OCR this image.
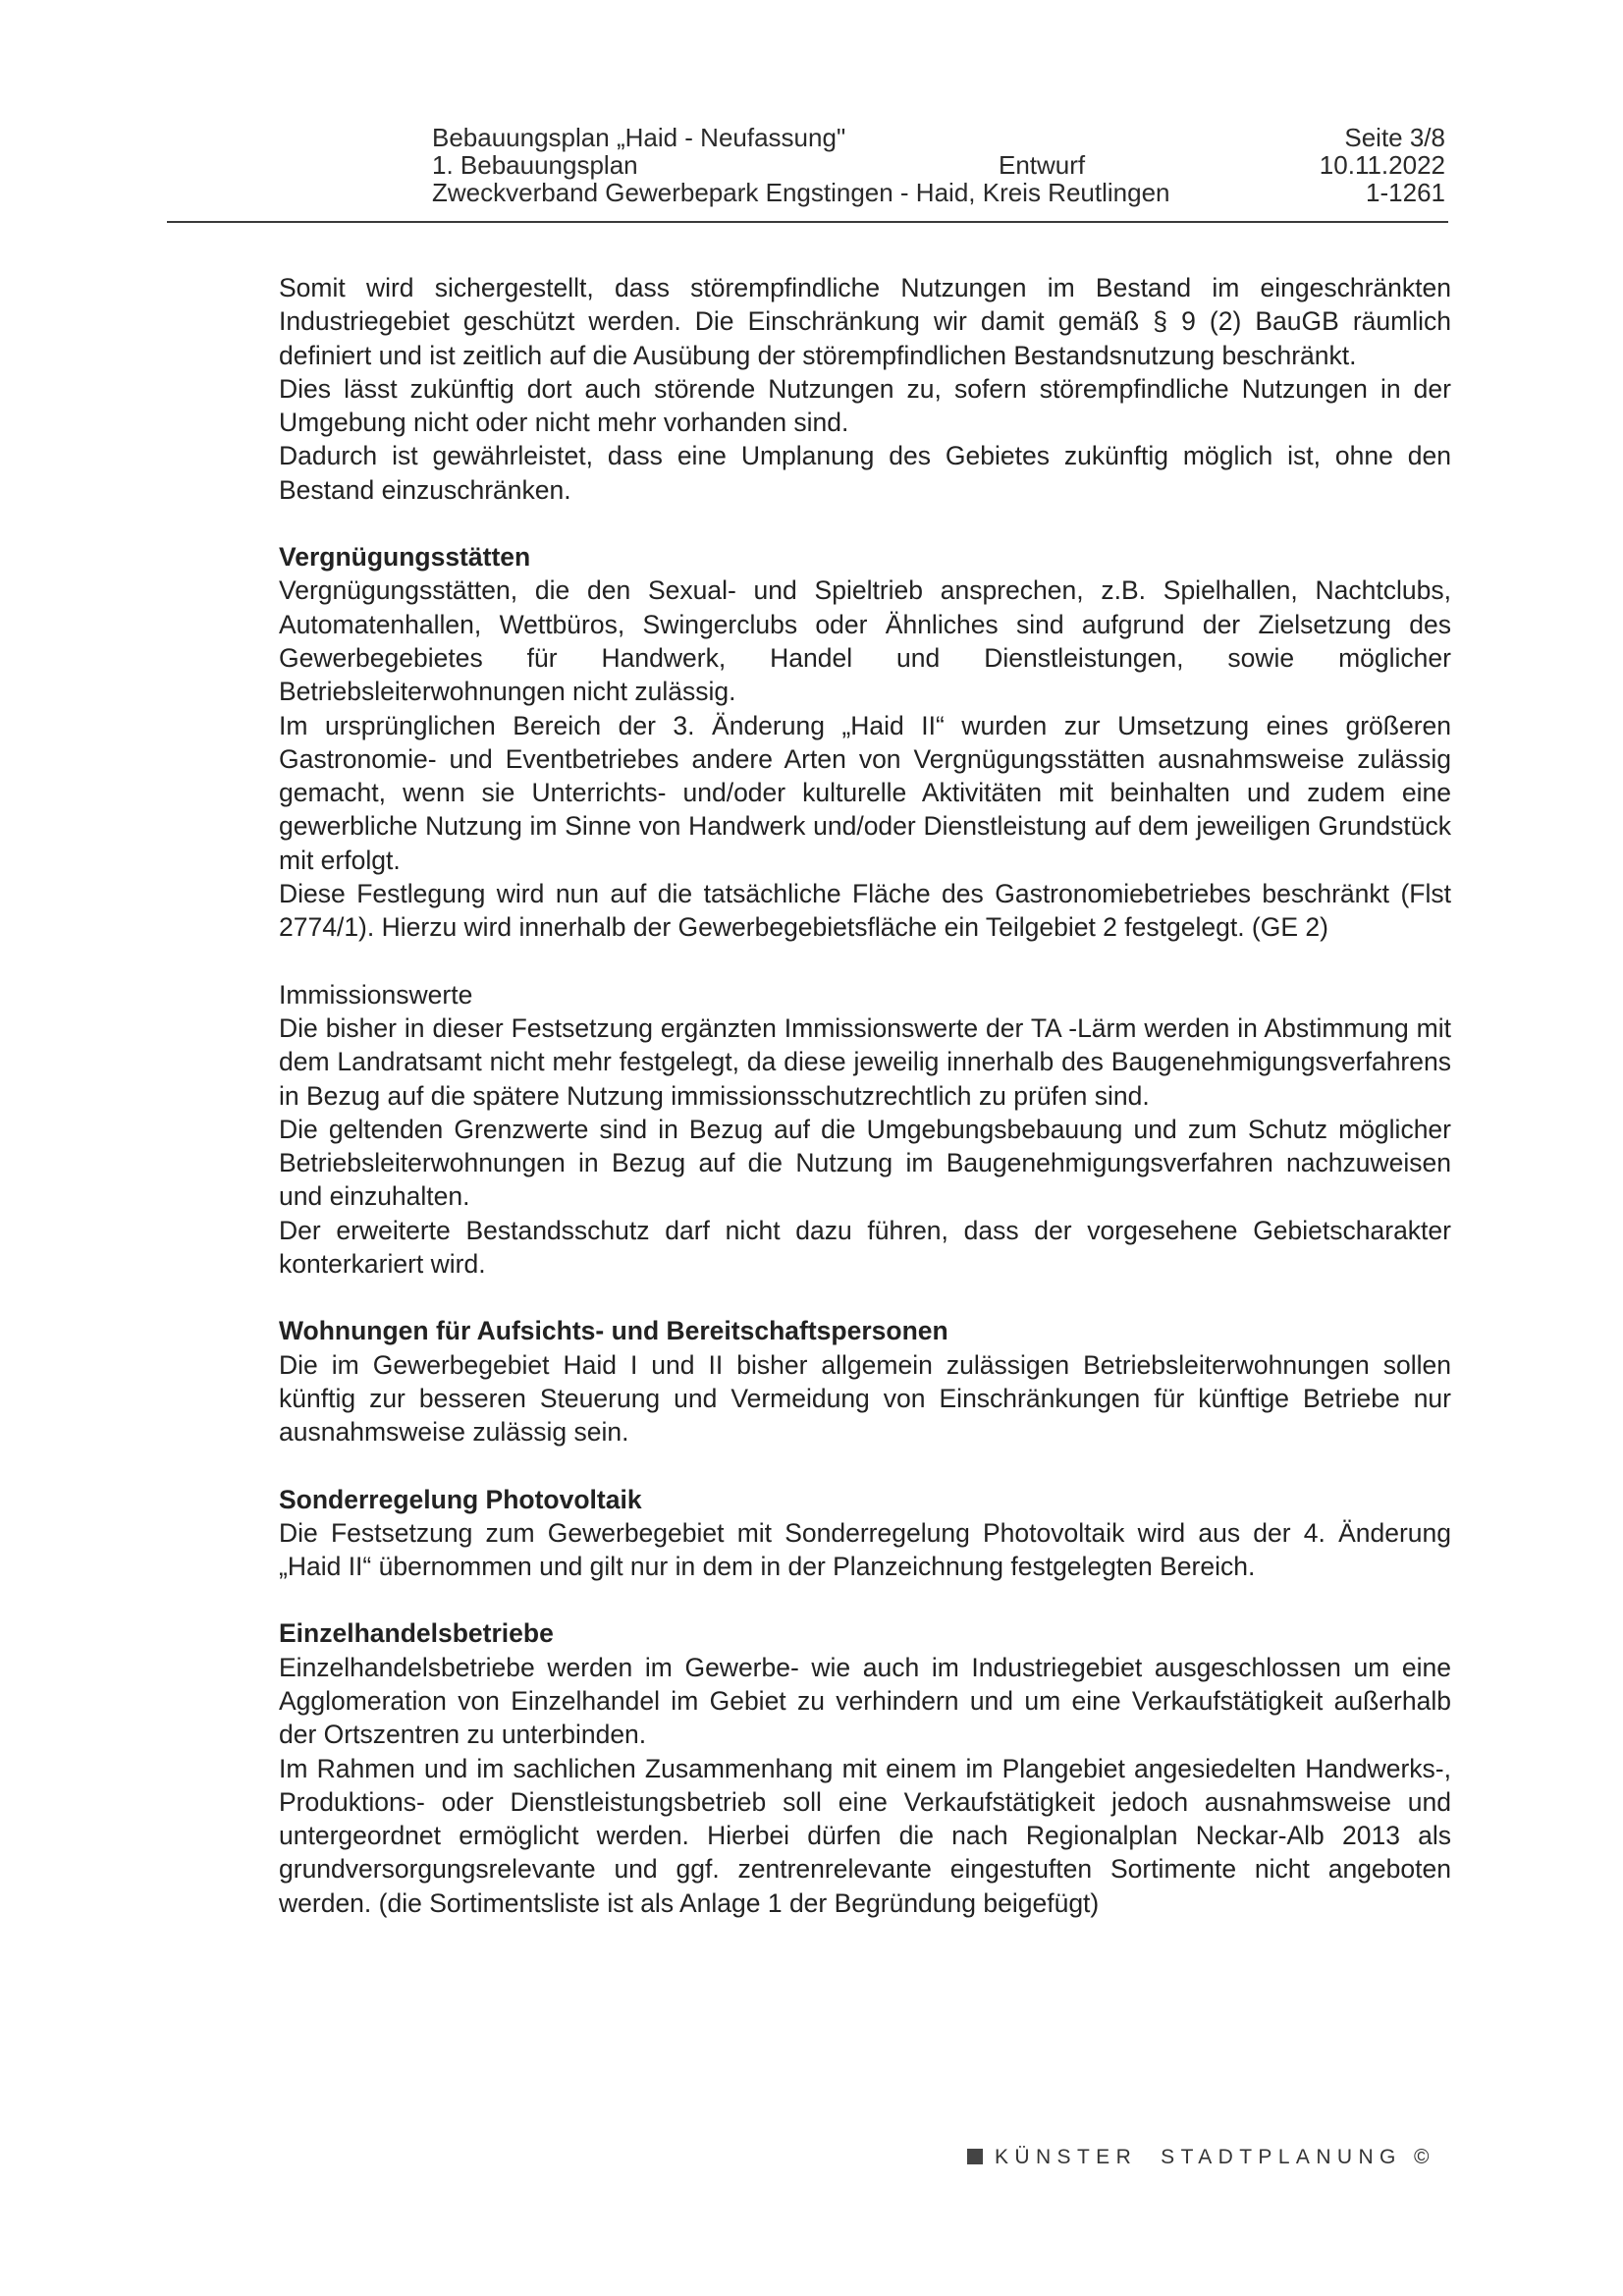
Bebauungsplan „Haid - Neufassung"	Seite 3/8
1. Bebauungsplan	Entwurf	10.11.2022
Zweckverband Gewerbepark Engstingen - Haid, Kreis Reutlingen	1-1261

Somit wird sichergestellt, dass störempfindliche Nutzungen im Bestand im eingeschränkten Industriegebiet geschützt werden. Die Einschränkung wir damit gemäß § 9 (2) BauGB räumlich definiert und ist zeitlich auf die Ausübung der störempfindlichen Bestandsnutzung beschränkt.

Dies lässt zukünftig dort auch störende Nutzungen zu, sofern störempfindliche Nutzungen in der Umgebung nicht oder nicht mehr vorhanden sind.

Dadurch ist gewährleistet, dass eine Umplanung des Gebietes zukünftig möglich ist, ohne den Bestand einzuschränken.

Vergnügungsstätten

Vergnügungsstätten, die den Sexual- und Spieltrieb ansprechen, z.B. Spielhallen, Nachtclubs, Automatenhallen, Wettbüros, Swingerclubs oder Ähnliches sind aufgrund der Zielsetzung des Gewerbegebietes für Handwerk, Handel und Dienstleistungen, sowie möglicher Betriebsleiterwohnungen nicht zulässig.

Im ursprünglichen Bereich der 3. Änderung „Haid II“ wurden zur Umsetzung eines größeren Gastronomie- und Eventbetriebes andere Arten von Vergnügungsstätten ausnahmsweise zulässig gemacht, wenn sie Unterrichts- und/oder kulturelle Aktivitäten mit beinhalten und zudem eine gewerbliche Nutzung im Sinne von Handwerk und/oder Dienstleistung auf dem jeweiligen Grundstück mit erfolgt.

Diese Festlegung wird nun auf die tatsächliche Fläche des Gastronomiebetriebes beschränkt (Flst 2774/1). Hierzu wird innerhalb der Gewerbegebietsfläche ein Teilgebiet 2 festgelegt. (GE 2)

Immissionswerte

Die bisher in dieser Festsetzung ergänzten Immissionswerte der TA -Lärm werden in Abstimmung mit dem Landratsamt nicht mehr festgelegt, da diese jeweilig innerhalb des Baugenehmigungsverfahrens in Bezug auf die spätere Nutzung immissionsschutzrechtlich zu prüfen sind.

Die geltenden Grenzwerte sind in Bezug auf die Umgebungsbebauung und zum Schutz möglicher Betriebsleiterwohnungen in Bezug auf die Nutzung im Baugenehmigungsverfahren nachzuweisen und einzuhalten.

Der erweiterte Bestandsschutz darf nicht dazu führen, dass der vorgesehene Gebietscharakter konterkariert wird.

Wohnungen für Aufsichts- und Bereitschaftspersonen

Die im Gewerbegebiet Haid I und II bisher allgemein zulässigen Betriebsleiterwohnungen sollen künftig zur besseren Steuerung und Vermeidung von Einschränkungen für künftige Betriebe nur ausnahmsweise zulässig sein.

Sonderregelung Photovoltaik

Die Festsetzung zum Gewerbegebiet mit Sonderregelung Photovoltaik wird aus der 4. Änderung „Haid II“ übernommen und gilt nur in dem in der Planzeichnung festgelegten Bereich.

Einzelhandelsbetriebe

Einzelhandelsbetriebe werden im Gewerbe- wie auch im Industriegebiet ausgeschlossen um eine Agglomeration von Einzelhandel im Gebiet zu verhindern und um eine Verkaufstätigkeit außerhalb der Ortszentren zu unterbinden.

Im Rahmen und im sachlichen Zusammenhang mit einem im Plangebiet angesiedelten Handwerks-, Produktions- oder Dienstleistungsbetrieb soll eine Verkaufstätigkeit jedoch ausnahmsweise und untergeordnet ermöglicht werden. Hierbei dürfen die nach Regionalplan Neckar-Alb 2013 als grundversorgungsrelevante und ggf. zentrenrelevante eingestuften Sortimente nicht angeboten werden. (die Sortimentsliste ist als Anlage 1 der Begründung beigefügt)

KÜNSTER STADTPLANUNG ©
